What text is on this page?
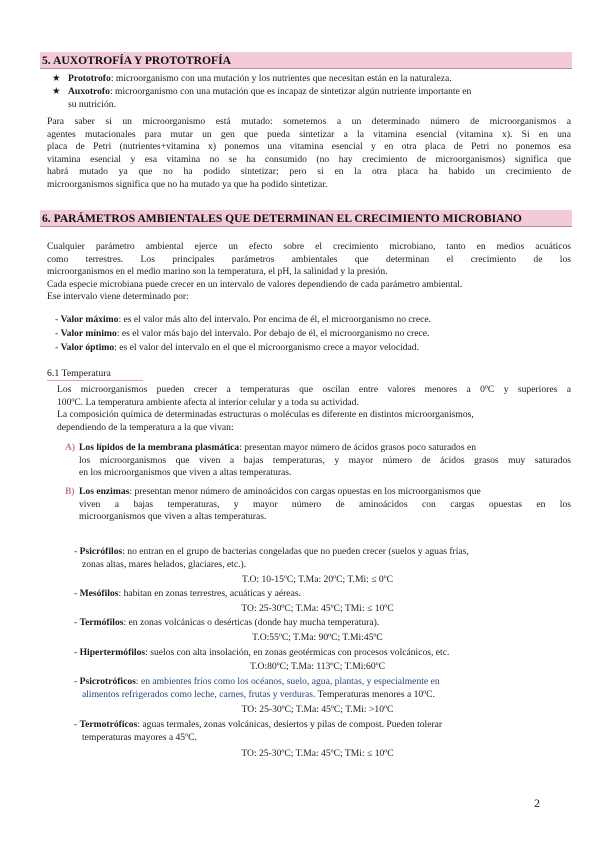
5. AUXOTROFÍA Y PROTOTROFÍA
★ Prototrofo: microorganismo con una mutación y los nutrientes que necesitan están en la naturaleza.
★ Auxotrofo: microorganismo con una mutación que es incapaz de sintetizar algún nutriente importante en
su nutrición.
Para saber si un microorganismo está mutado: sometemos a un determinado número de microorganismos a
agentes mutacionales para mutar un gen que pueda sintetizar a la vitamina esencial (vitamina x). Si en una
placa de Petri (nutrientes+vitamina x) ponemos una vitamina esencial y en otra placa de Petri no ponemos esa
vitamina esencial y esa vitamina no se ha consumido (no hay crecimiento de microorganismos) significa que
habrá mutado ya que no ha podido sintetizar; pero si en la otra placa ha habido un crecimiento de
microorganismos significa que no ha mutado ya que ha podido sintetizar.
6. PARÁMETROS AMBIENTALES QUE DETERMINAN EL CRECIMIENTO MICROBIANO
Cualquier parámetro ambiental ejerce un efecto sobre el crecimiento microbiano, tanto en medios acuáticos
como terrestres. Los principales parámetros ambientales que determinan el crecimiento de los
microorganismos en el medio marino son la temperatura, el pH, la salinidad y la presión.
Cada especie microbiana puede crecer en un intervalo de valores dependiendo de cada parámetro ambiental.
Ese intervalo viene determinado por:
- Valor máximo: es el valor más alto del intervalo. Por encima de él, el microorganismo no crece.
- Valor mínimo: es el valor más bajo del intervalo. Por debajo de él, el microorganismo no crece.
- Valor óptimo: es el valor del intervalo en el que el microorganismo crece a mayor velocidad.
6.1 Temperatura
Los microorganismos pueden crecer a temperaturas que oscilan entre valores menores a 0ºC y superiores a
100ºC. La temperatura ambiente afecta al interior celular y a toda su actividad.
La composición química de determinadas estructuras o moléculas es diferente en distintos microorganismos,
dependiendo de la temperatura a la que vivan:
A) Los lípidos de la membrana plasmática: presentan mayor número de ácidos grasos poco saturados en
los microorganismos que viven a bajas temperaturas, y mayor número de ácidos grasos muy saturados
en los microorganismos que viven a altas temperaturas.
B) Los enzimas: presentan menor número de aminoácidos con cargas opuestas en los microorganismos que
viven a bajas temperaturas, y mayor número de aminoácidos con cargas opuestas en los
microorganismos que viven a altas temperaturas.
- Psicrófilos: no entran en el grupo de bacterias congeladas que no pueden crecer (suelos y aguas frías,
zonas altas, mares helados, glaciares, etc.).
T.O: 10-15ºC; T.Ma: 20ºC; T.Mi: ≤ 0ºC
- Mesófilos: habitan en zonas terrestres, acuáticas y aéreas.
TO: 25-30ºC; T.Ma: 45ºC; TMi: ≤ 10ºC
- Termófilos: en zonas volcánicas o desérticas (donde hay mucha temperatura).
T.O:55ºC; T.Ma: 90ºC; T.Mi:45ºC
- Hipertermófilos: suelos con alta insolación, en zonas geotérmicas con procesos volcánicos, etc.
T.O:80ºC; T.Ma: 113ºC; T.Mi:60ºC
- Psicrotróficos: en ambientes fríos como los océanos, suelo, agua, plantas, y especialmente en
alimentos refrigerados como leche, carnes, frutas y verduras. Temperaturas menores a 10ºC.
TO: 25-30ºC; T.Ma: 45ºC; T.Mi: >10ºC
- Termotróficos: aguas termales, zonas volcánicas, desiertos y pilas de compost. Pueden tolerar
temperaturas mayores a 45ºC.
TO: 25-30ºC; T.Ma: 45ºC; TMi: ≤ 10ºC
2
